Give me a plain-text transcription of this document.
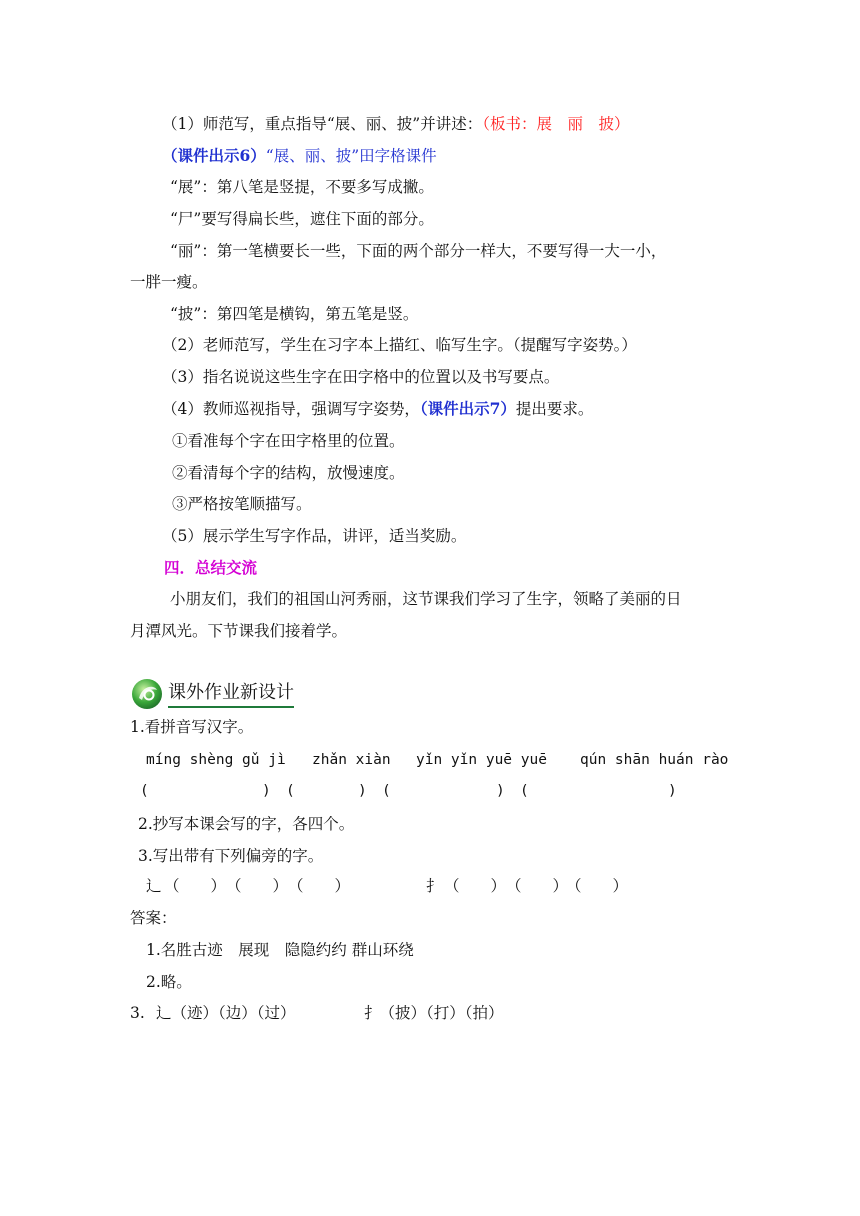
（1）师范写，重点指导“展、丽、披”并讲述：（板书：展　丽　披）
（课件出示6）“展、丽、披”田字格课件
“展”：第八笔是竖提，不要多写成撇。
“尸”要写得扁长些，遮住下面的部分。
“丽”：第一笔横要长一些，下面的两个部分一样大，不要写得一大一小，
一胖一瘦。
“披”：第四笔是横钩，第五笔是竖。
（2）老师范写，学生在习字本上描红、临写生字。（提醒写字姿势。）
（3）指名说说这些生字在田字格中的位置以及书写要点。
（4）教师巡视指导，强调写字姿势，（课件出示7）提出要求。
①看准每个字在田字格里的位置。
②看清每个字的结构，放慢速度。
③严格按笔顺描写。
（5）展示学生写字作品，讲评，适当奖励。
四．总结交流
小朋友们，我们的祖国山河秀丽，这节课我们学习了生字，领略了美丽的日
月潭风光。下节课我们接着学。
课外作业新设计
1.看拼音写汉字。
míng shèng gǔ jì zhǎn xiàn yǐn yǐn yuē yuē qún shān huán rào
(	) (	) (	) (	)
2.抄写本课会写的字，各四个。
3.写出带有下列偏旁的字。
辶 （　　） （　　） （　　）	扌 （　　） （　　）
（　　）
答案：
1.名胜古迹　展现　隐隐约约 群山环绕
2.略。
3. 辶（迹）（边）（过）	扌（披）（打）（拍）
